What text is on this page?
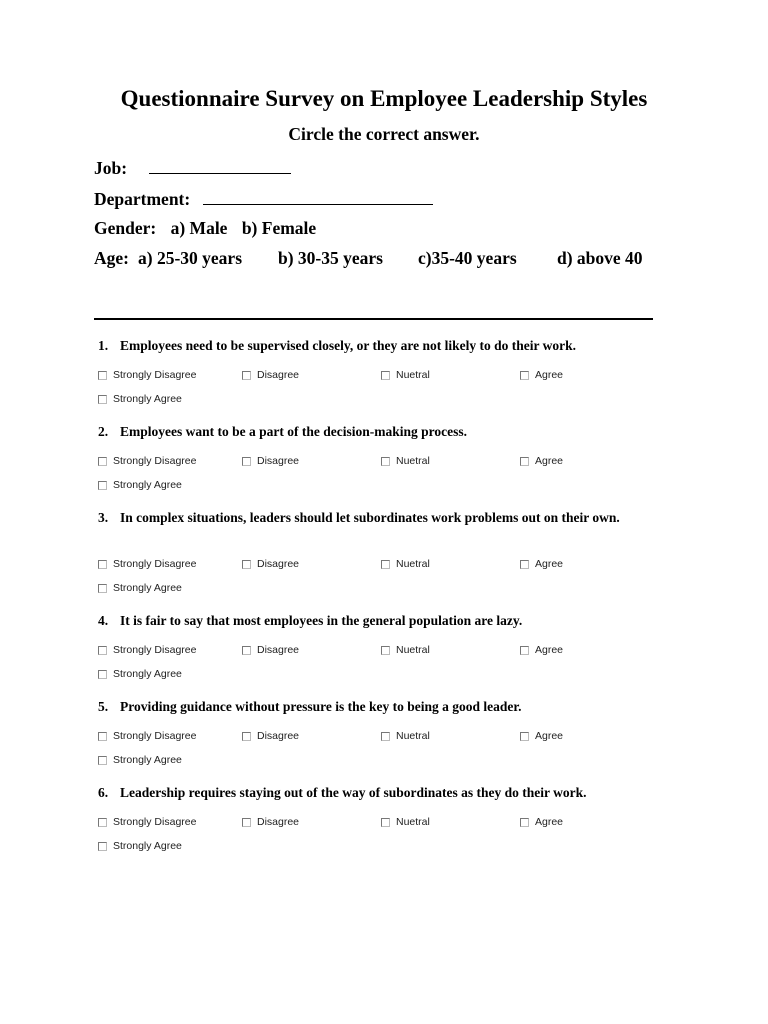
Questionnaire Survey on Employee Leadership Styles
Circle the correct answer.
Job:
Department:
Gender: a) Male b) Female
Age: a) 25-30 years b) 30-35 years c)35-40 years d) above 40
1. Employees need to be supervised closely, or they are not likely to do their work.
Strongly Disagree	Disagree	Nuetral	Agree
Strongly Agree
2. Employees want to be a part of the decision-making process.
Strongly Disagree	Disagree	Nuetral	Agree
Strongly Agree
3. In complex situations, leaders should let subordinates work problems out on their own.
Strongly Disagree	Disagree	Nuetral	Agree
Strongly Agree
4. It is fair to say that most employees in the general population are lazy.
Strongly Disagree	Disagree	Nuetral	Agree
Strongly Agree
5. Providing guidance without pressure is the key to being a good leader.
Strongly Disagree	Disagree	Nuetral	Agree
Strongly Agree
6. Leadership requires staying out of the way of subordinates as they do their work.
Strongly Disagree	Disagree	Nuetral	Agree
Strongly Agree
